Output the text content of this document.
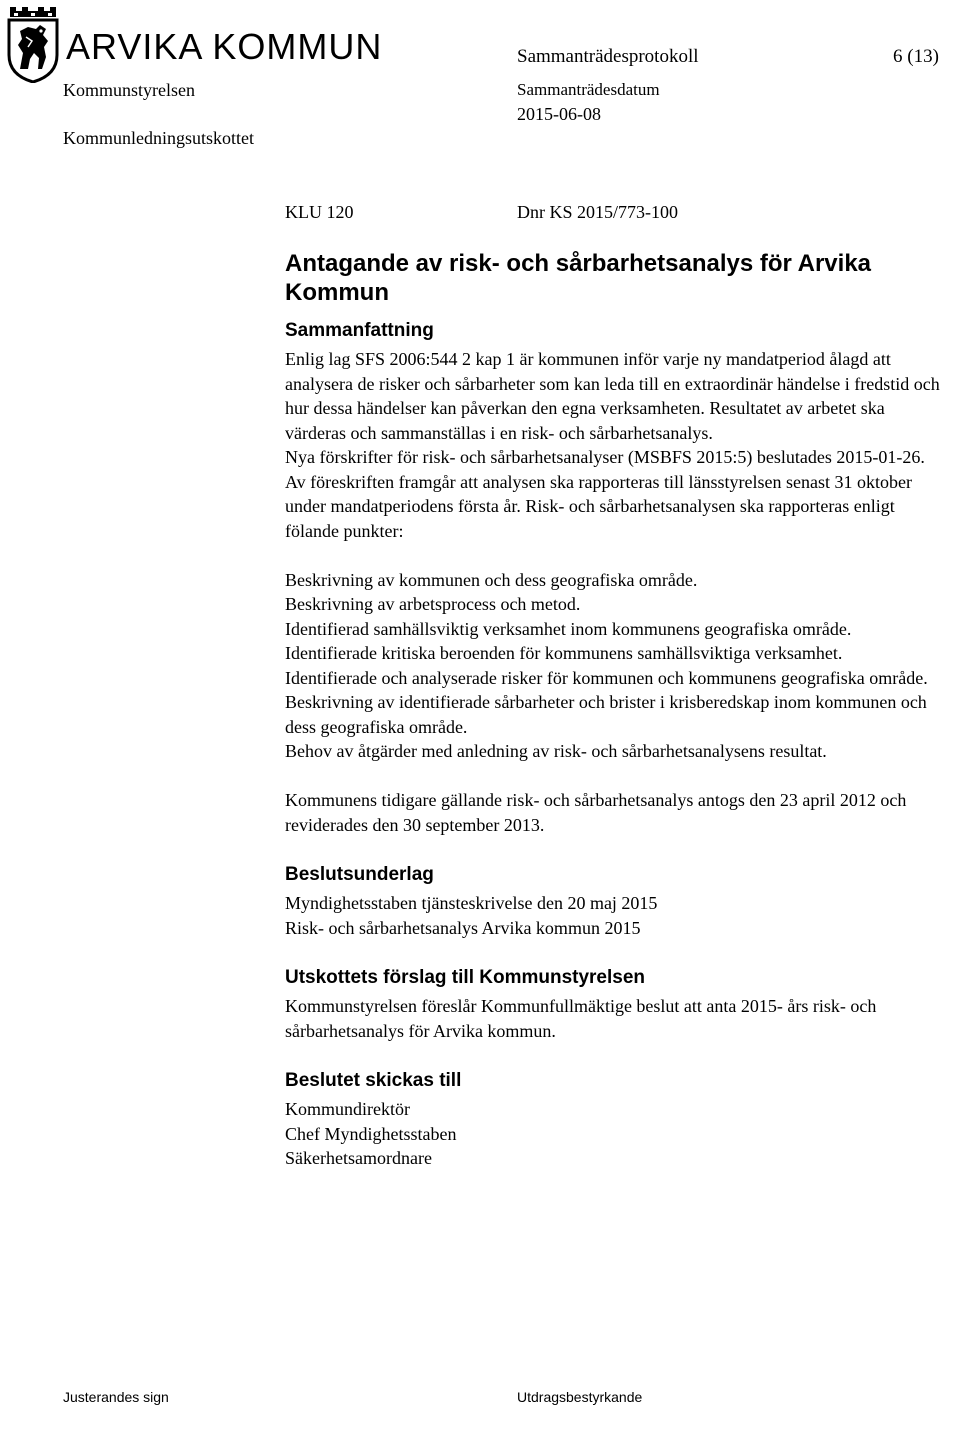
ARVIKA KOMMUN	Sammanträdesprotokoll	6 (13)
Kommunstyrelsen	Sammanträdesdatum
2015-06-08
Kommunledningsutskottet
KLU 120	Dnr KS 2015/773-100
Antagande av risk- och sårbarhetsanalys för Arvika Kommun
Sammanfattning

Enlig lag SFS 2006:544 2 kap 1 är kommunen inför varje ny mandatperiod ålagd att analysera de risker och sårbarheter som kan leda till en extraordinär händelse i fredstid och hur dessa händelser kan påverkan den egna verksamheten. Resultatet av arbetet ska värderas och sammanställas i en risk- och sårbarhetsanalys.

Nya förskrifter för risk- och sårbarhetsanalyser (MSBFS 2015:5) beslutades 2015-01-26. Av föreskriften framgår att analysen ska rapporteras till länsstyrelsen senast 31 oktober under mandatperiodens första år. Risk- och sårbarhetsanalysen ska rapporteras enligt fölande punkter:

Beskrivning av kommunen och dess geografiska område.

Beskrivning av arbetsprocess och metod.

Identifierad samhällsviktig verksamhet inom kommunens geografiska område.

Identifierade kritiska beroenden för kommunens samhällsviktiga verksamhet.

Identifierade och analyserade risker för kommunen och kommunens geografiska område.

Beskrivning av identifierade sårbarheter och brister i krisberedskap inom kommunen och dess geografiska område.

Behov av åtgärder med anledning av risk- och sårbarhetsanalysens resultat.

Kommunens tidigare gällande risk- och sårbarhetsanalys antogs den 23 april 2012 och reviderades den 30 september 2013.

Beslutsunderlag

Myndighetsstaben tjänsteskrivelse den 20 maj 2015

Risk- och sårbarhetsanalys Arvika kommun 2015

Utskottets förslag till Kommunstyrelsen

Kommunstyrelsen föreslår Kommunfullmäktige beslut att anta 2015- års risk- och sårbarhetsanalys för Arvika kommun.

Beslutet skickas till

Kommundirektör

Chef Myndighetsstaben

Säkerhetsamordnare

Justerandes sign	Utdragsbestyrkande
